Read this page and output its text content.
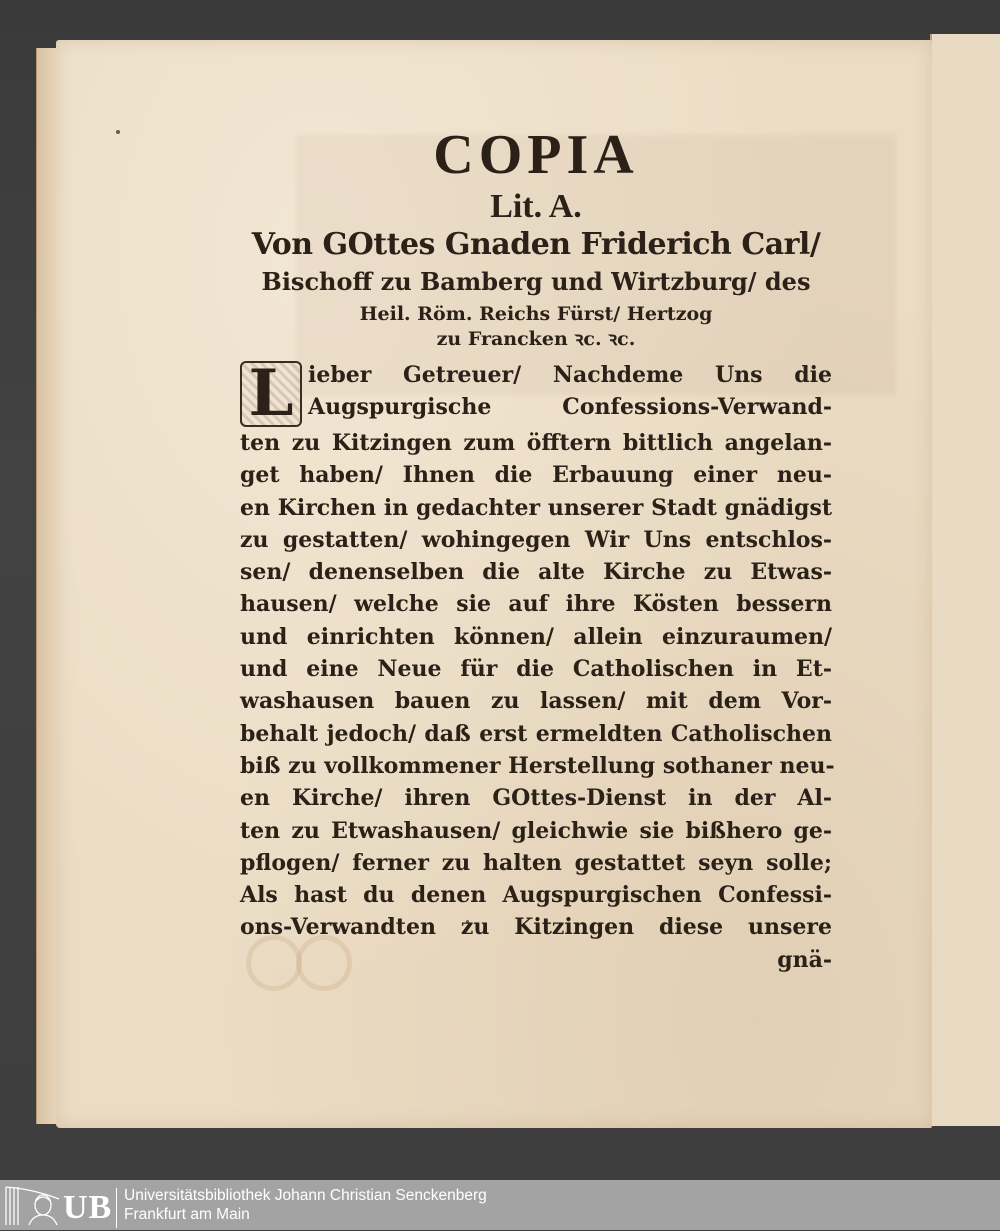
COPIA
Lit. A.
Von GOttes Gnaden Friderich Carl/
Bischoff zu Bamberg und Wirtzburg/ des
Heil. Röm. Reichs Fürst/ Hertzog
zu Francken ꝛc. ꝛc.
L ieber Getreuer/ Nachdeme Uns die
Augspurgische Confessions-Verwand-
ten zu Kitzingen zum öfftern bittlich angelan-
get haben/ Ihnen die Erbauung einer neu-
en Kirchen in gedachter unserer Stadt gnädigst
zu gestatten/ wohingegen Wir Uns entschlos-
sen/ denenselben die alte Kirche zu Etwas-
hausen/ welche sie auf ihre Kösten bessern
und einrichten können/ allein einzuraumen/
und eine Neue für die Catholischen in Et-
washausen bauen zu lassen/ mit dem Vor-
behalt jedoch/ daß erst ermeldten Catholischen
biß zu vollkommener Herstellung sothaner neu-
en Kirche/ ihren GOttes-Dienst in der Al-
ten zu Etwashausen/ gleichwie sie bißhero ge-
pflogen/ ferner zu halten gestattet seyn solle;
Als hast du denen Augspurgischen Confessi-
ons-Verwandten zu Kitzingen diese unsere
gnä-
UB Universitätsbibliothek Johann Christian Senckenberg
Frankfurt am Main
